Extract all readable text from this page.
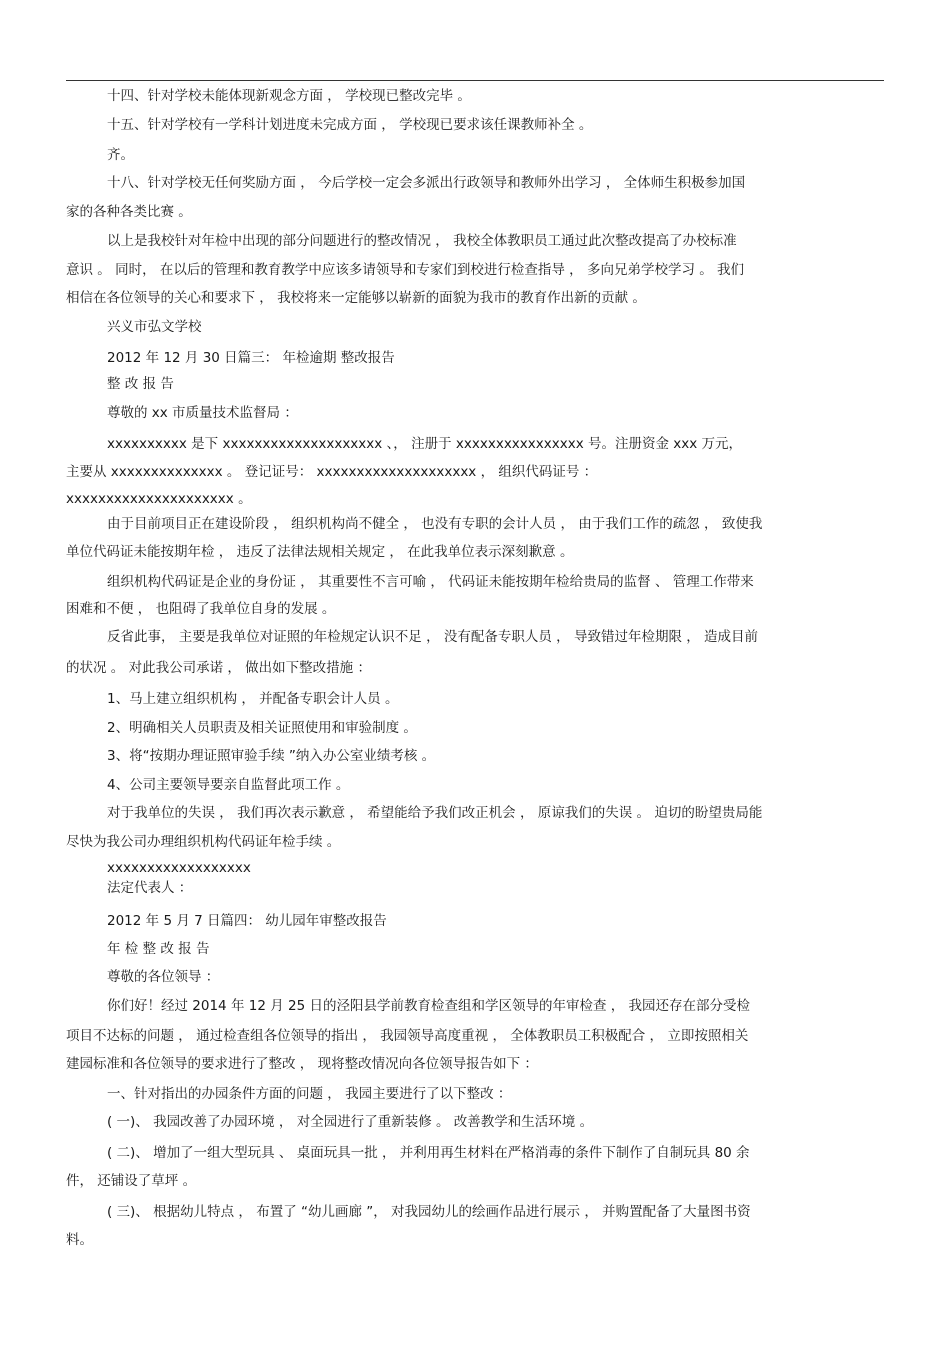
十四、针对学校未能体现新观念方面 ， 学校现已整改完毕 。
十五、针对学校有一学科计划进度未完成方面 ， 学校现已要求该任课教师补全 。
齐。
十八、针对学校无任何奖励方面 ， 今后学校一定会多派出行政领导和教师外出学习 ， 全体师生积极参加国
家的各种各类比赛 。
以上是我校针对年检中出现的部分问题进行的整改情况 ， 我校全体教职员工通过此次整改提高了办校标准
意识 。 同时， 在以后的管理和教育教学中应该多请领导和专家们到校进行检查指导 ， 多向兄弟学校学习 。 我们
相信在各位领导的关心和要求下 ， 我校将来一定能够以崭新的面貌为我市的教育作出新的贡献 。
兴义市弘文学校
2012 年 12 月 30 日篇三： 年检逾期 整改报告
整 改 报 告
尊敬的 xx 市质量技术监督局 ：
xxxxxxxxxx 是下 xxxxxxxxxxxxxxxxxxxx 、， 注册于 xxxxxxxxxxxxxxxx 号。注册资金 xxx 万元，
主要从 xxxxxxxxxxxxxx 。 登记证号： xxxxxxxxxxxxxxxxxxxx ， 组织代码证号 ：
xxxxxxxxxxxxxxxxxxxxx 。
由于目前项目正在建设阶段 ， 组织机构尚不健全 ， 也没有专职的会计人员 ， 由于我们工作的疏忽 ， 致使我
单位代码证未能按期年检 ， 违反了法律法规相关规定 ， 在此我单位表示深刻歉意 。
组织机构代码证是企业的身份证 ， 其重要性不言可喻 ， 代码证未能按期年检给贵局的监督 、 管理工作带来
困难和不便 ， 也阻碍了我单位自身的发展 。
反省此事， 主要是我单位对证照的年检规定认识不足 ， 没有配备专职人员 ， 导致错过年检期限 ， 造成目前
的状况 。 对此我公司承诺 ， 做出如下整改措施 ：
1、马上建立组织机构 ， 并配备专职会计人员 。
2、明确相关人员职责及相关证照使用和审验制度 。
3、将“按期办理证照审验手续 ”纳入办公室业绩考核 。
4、公司主要领导要亲自监督此项工作 。
对于我单位的失误 ， 我们再次表示歉意 ， 希望能给予我们改正机会 ， 原谅我们的失误 。 迫切的盼望贵局能
尽快为我公司办理组织机构代码证年检手续 。
xxxxxxxxxxxxxxxxxx
法定代表人 ：
2012 年 5 月 7 日篇四： 幼儿园年审整改报告
年 检 整 改 报 告
尊敬的各位领导 ：
你们好！经过 2014 年 12 月 25 日的泾阳县学前教育检查组和学区领导的年审检查 ， 我园还存在部分受检
项目不达标的问题 ， 通过检查组各位领导的指出 ， 我园领导高度重视 ， 全体教职员工积极配合 ， 立即按照相关
建园标准和各位领导的要求进行了整改 ， 现将整改情况向各位领导报告如下 ：
一、针对指出的办园条件方面的问题 ， 我园主要进行了以下整改 ：
( 一)、 我园改善了办园环境 ， 对全园进行了重新装修 。 改善教学和生活环境 。
( 二)、 增加了一组大型玩具 、 桌面玩具一批 ， 并利用再生材料在严格消毒的条件下制作了自制玩具 80 余
件， 还铺设了草坪 。
( 三)、 根据幼儿特点 ， 布置了 “幼儿画廊 ”， 对我园幼儿的绘画作品进行展示 ， 并购置配备了大量图书资
料。
